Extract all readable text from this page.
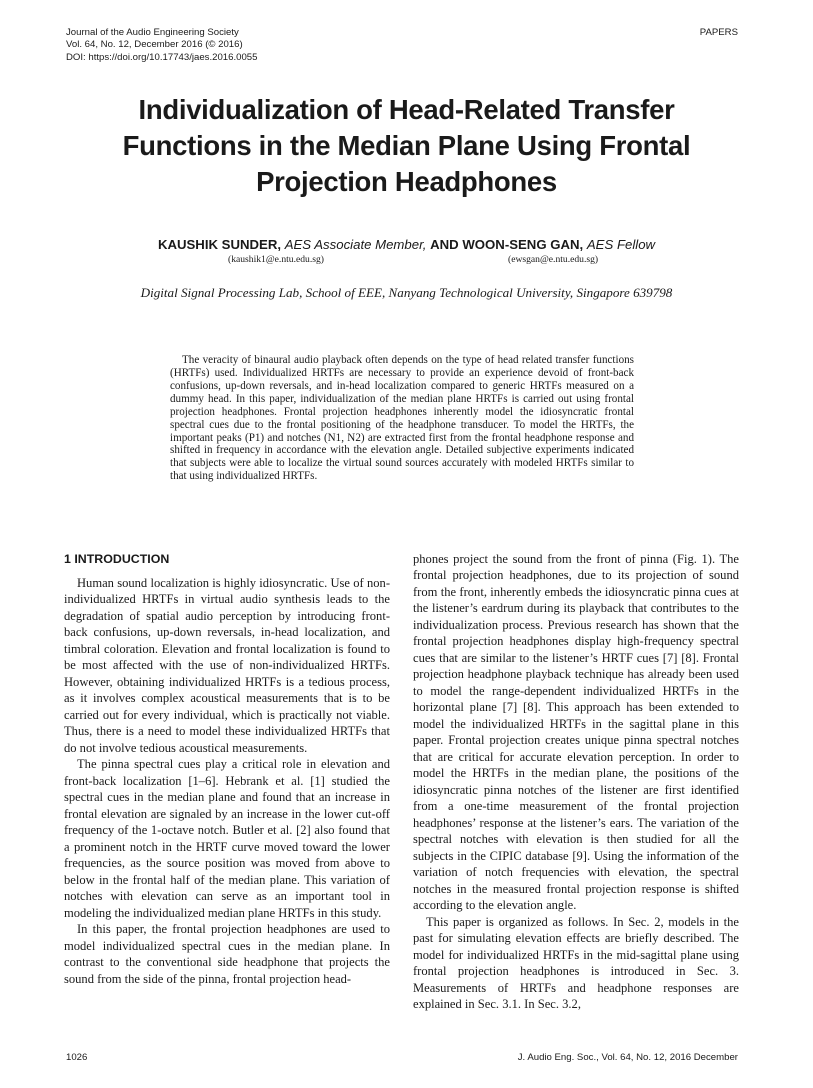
Journal of the Audio Engineering Society
Vol. 64, No. 12, December 2016 (© 2016)
DOI: https://doi.org/10.17743/jaes.2016.0055
PAPERS
Individualization of Head-Related Transfer
Functions in the Median Plane Using Frontal
Projection Headphones
KAUSHIK SUNDER, AES Associate Member, AND WOON-SENG GAN, AES Fellow
(kaushik1@e.ntu.edu.sg)	(ewsgan@e.ntu.edu.sg)
Digital Signal Processing Lab, School of EEE, Nanyang Technological University, Singapore 639798

The veracity of binaural audio playback often depends on the type of head related transfer functions (HRTFs) used. Individualized HRTFs are necessary to provide an experience devoid of front-back confusions, up-down reversals, and in-head localization compared to generic HRTFs measured on a dummy head. In this paper, individualization of the median plane HRTFs is carried out using frontal projection headphones. Frontal projection headphones inherently model the idiosyncratic frontal spectral cues due to the frontal positioning of the headphone transducer. To model the HRTFs, the important peaks (P1) and notches (N1, N2) are extracted first from the frontal headphone response and shifted in frequency in accordance with the elevation angle. Detailed subjective experiments indicated that subjects were able to localize the virtual sound sources accurately with modeled HRTFs similar to that using individualized HRTFs.

1 INTRODUCTION

Human sound localization is highly idiosyncratic. Use of non-individualized HRTFs in virtual audio synthesis leads to the degradation of spatial audio perception by introducing front-back confusions, up-down reversals, in-head localization, and timbral coloration. Elevation and frontal localization is found to be most affected with the use of non-individualized HRTFs. However, obtaining individualized HRTFs is a tedious process, as it involves complex acoustical measurements that is to be carried out for every individual, which is practically not viable. Thus, there is a need to model these individualized HRTFs that do not involve tedious acoustical measurements.

The pinna spectral cues play a critical role in elevation and front-back localization [1–6]. Hebrank et al. [1] studied the spectral cues in the median plane and found that an increase in frontal elevation are signaled by an increase in the lower cut-off frequency of the 1-octave notch. Butler et al. [2] also found that a prominent notch in the HRTF curve moved toward the lower frequencies, as the source position was moved from above to below in the frontal half of the median plane. This variation of notches with elevation can serve as an important tool in modeling the individualized median plane HRTFs in this study.

In this paper, the frontal projection headphones are used to model individualized spectral cues in the median plane. In contrast to the conventional side headphone that projects the sound from the side of the pinna, frontal projection head-

phones project the sound from the front of pinna (Fig. 1). The frontal projection headphones, due to its projection of sound from the front, inherently embeds the idiosyncratic pinna cues at the listener’s eardrum during its playback that contributes to the individualization process. Previous research has shown that the frontal projection headphones display high-frequency spectral cues that are similar to the listener’s HRTF cues [7] [8]. Frontal projection headphone playback technique has already been used to model the range-dependent individualized HRTFs in the horizontal plane [7] [8]. This approach has been extended to model the individualized HRTFs in the sagittal plane in this paper. Frontal projection creates unique pinna spectral notches that are critical for accurate elevation perception. In order to model the HRTFs in the median plane, the positions of the idiosyncratic pinna notches of the listener are first identified from a one-time measurement of the frontal projection headphones’ response at the listener’s ears. The variation of the spectral notches with elevation is then studied for all the subjects in the CIPIC database [9]. Using the information of the variation of notch frequencies with elevation, the spectral notches in the measured frontal projection response is shifted according to the elevation angle.

This paper is organized as follows. In Sec. 2, models in the past for simulating elevation effects are briefly described. The model for individualized HRTFs in the mid-sagittal plane using frontal projection headphones is introduced in Sec. 3. Measurements of HRTFs and headphone responses are explained in Sec. 3.1. In Sec. 3.2,

1026	J. Audio Eng. Soc., Vol. 64, No. 12, 2016 December
